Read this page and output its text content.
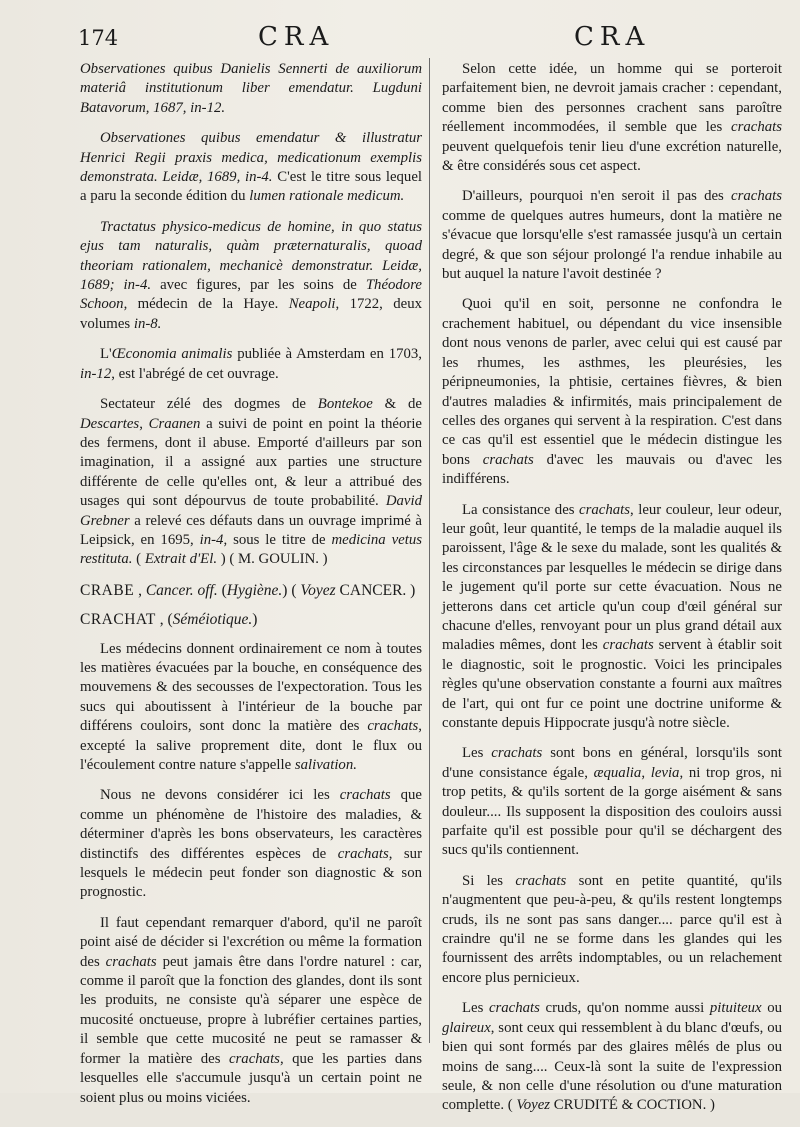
174	CRA	CRA

Observationes quibus Danielis Sennerti de auxiliorum materiâ institutionum liber emendatur. Lugduni Batavorum, 1687, in-12.

Observationes quibus emendatur & illustratur Henrici Regii praxis medica, medicationum exemplis demonstrata. Leidæ, 1689, in-4. C'est le titre sous lequel a paru la seconde édition du lumen rationale medicum.

Tractatus physico-medicus de homine, in quo status ejus tam naturalis, quàm præternaturalis, quoad theoriam rationalem, mechanicè demonstratur. Leidæ, 1689; in-4. avec figures, par les soins de Théodore Schoon, médecin de la Haye. Neapoli, 1722, deux volumes in-8.

L'Œconomia animalis publiée à Amsterdam en 1703, in-12, est l'abrégé de cet ouvrage.

Sectateur zélé des dogmes de Bontekoe & de Descartes, Craanen a suivi de point en point la théorie des fermens, dont il abuse. Emporté d'ailleurs par son imagination, il a assigné aux parties une structure différente de celle qu'elles ont, & leur a attribué des usages qui sont dépourvus de toute probabilité. David Grebner a relevé ces défauts dans un ouvrage imprimé à Leipsick, en 1695, in-4, sous le titre de medicina vetus restituta. ( Extrait d'El. ) ( M. GOULIN. )

CRABE , Cancer. off. (Hygiène.) ( Voyez CANCER. )

CRACHAT , (Séméiotique.)

Les médecins donnent ordinairement ce nom à toutes les matières évacuées par la bouche, en conséquence des mouvemens & des secousses de l'expectoration. Tous les sucs qui aboutissent à l'intérieur de la bouche par différens couloirs, sont donc la matière des crachats, excepté la salive proprement dite, dont le flux ou l'écoulement contre nature s'appelle salivation.

Nous ne devons considérer ici les crachats que comme un phénomène de l'histoire des maladies, & déterminer d'après les bons observateurs, les caractères distinctifs des différentes espèces de crachats, sur lesquels le médecin peut fonder son diagnostic & son prognostic.

Il faut cependant remarquer d'abord, qu'il ne paroît point aisé de décider si l'excrétion ou même la formation des crachats peut jamais être dans l'ordre naturel : car, comme il paroît que la fonction des glandes, dont ils sont les produits, ne consiste qu'à séparer une espèce de mucosité onctueuse, propre à lubréfier certaines parties, il semble que cette mucosité ne peut se ramasser & former la matière des crachats, que les parties dans lesquelles elle s'accumule jusqu'à un certain point ne soient plus ou moins viciées.

Selon cette idée, un homme qui se porteroit parfaitement bien, ne devroit jamais cracher : cependant, comme bien des personnes crachent sans paroître réellement incommodées, il semble que les crachats peuvent quelquefois tenir lieu d'une excrétion naturelle, & être considérés sous cet aspect.

D'ailleurs, pourquoi n'en seroit il pas des crachats comme de quelques autres humeurs, dont la matière ne s'évacue que lorsqu'elle s'est ramassée jusqu'à un certain degré, & que son séjour prolongé l'a rendue inhabile au but auquel la nature l'avoit destinée ?

Quoi qu'il en soit, personne ne confondra le crachement habituel, ou dépendant du vice insensible dont nous venons de parler, avec celui qui est causé par les rhumes, les asthmes, les pleurésies, les péripneumonies, la phtisie, certaines fièvres, & bien d'autres maladies & infirmités, mais principalement de celles des organes qui servent à la respiration. C'est dans ce cas qu'il est essentiel que le médecin distingue les bons crachats d'avec les mauvais ou d'avec les indifférens.

La consistance des crachats, leur couleur, leur odeur, leur goût, leur quantité, le temps de la maladie auquel ils paroissent, l'âge & le sexe du malade, sont les qualités & les circonstances par lesquelles le médecin se dirige dans le jugement qu'il porte sur cette évacuation. Nous ne jetterons dans cet article qu'un coup d'œil général sur chacune d'elles, renvoyant pour un plus grand détail aux maladies mêmes, dont les crachats servent à établir soit le diagnostic, soit le prognostic. Voici les principales règles qu'une observation constante a fourni aux maîtres de l'art, qui ont fur ce point une doctrine uniforme & constante depuis Hippocrate jusqu'à notre siècle.

Les crachats sont bons en général, lorsqu'ils sont d'une consistance égale, æqualia, levia, ni trop gros, ni trop petits, & qu'ils sortent de la gorge aisément & sans douleur.... Ils supposent la disposition des couloirs aussi parfaite qu'il est possible pour qu'il se déchargent des sucs qu'ils contiennent.

Si les crachats sont en petite quantité, qu'ils n'augmentent que peu-à-peu, & qu'ils restent longtemps cruds, ils ne sont pas sans danger.... parce qu'il est à craindre qu'il ne se forme dans les glandes qui les fournissent des arrêts indomptables, ou un relachement encore plus pernicieux.

Les crachats cruds, qu'on nomme aussi pituiteux ou glaireux, sont ceux qui ressemblent à du blanc d'œufs, ou bien qui sont formés par des glaires mêlés de plus ou moins de sang.... Ceux-là sont la suite de l'expression seule, & non celle d'une résolution ou d'une maturation complette. ( Voyez CRUDITÉ & COCTION. )
